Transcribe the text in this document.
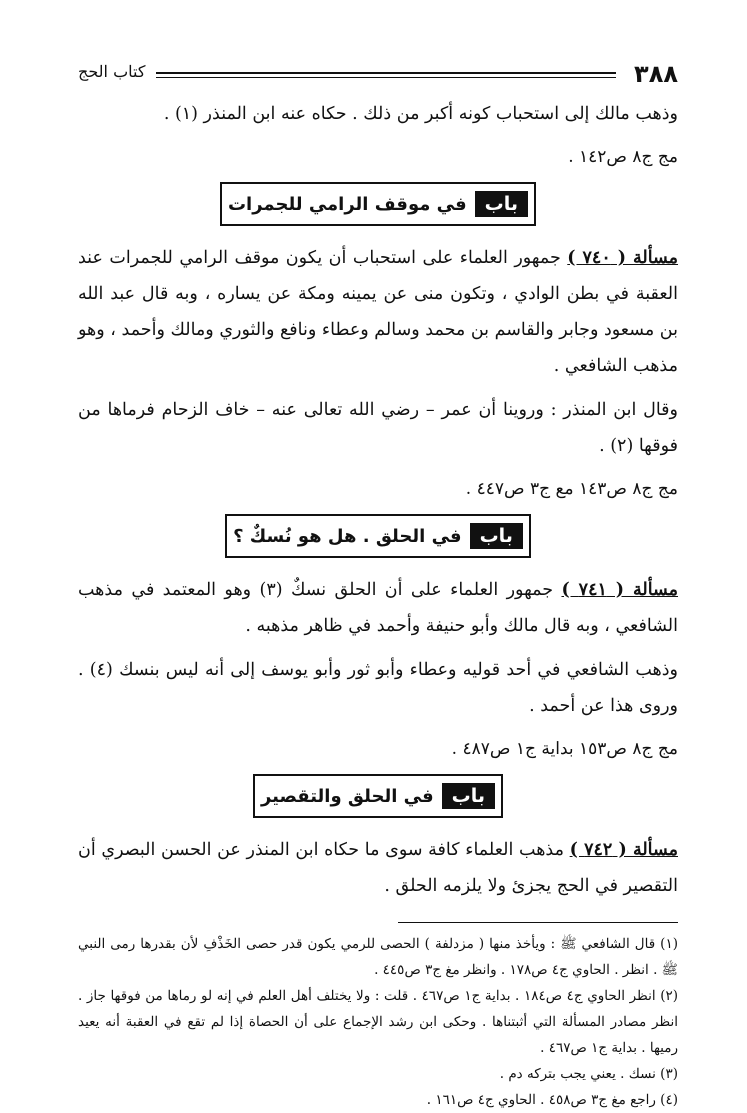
٣٨٨
كتاب الحج

وذهب مالك إلى استحباب كونه أكبر من ذلك . حكاه عنه ابن المنذر (١) .

مج ج٨ ص١٤٢ .

باب
في موقف الرامي للجمرات

مسألة ( ٧٤٠ ) جمهور العلماء على استحباب أن يكون موقف الرامي للجمرات عند العقبة في بطن الوادي ، وتكون منى عن يمينه ومكة عن يساره ، وبه قال عبد الله بن مسعود وجابر والقاسم بن محمد وسالم وعطاء ونافع والثوري ومالك وأحمد ، وهو مذهب الشافعي .

وقال ابن المنذر : وروينا أن عمر – رضي الله تعالى عنه – خاف الزحام فرماها من فوقها (٢) .

مج ج٨ ص١٤٣ مع ج٣ ص٤٤٧ .

باب
في الحلق . هل هو نُسكٌ ؟

مسألة ( ٧٤١ ) جمهور العلماء على أن الحلق نسكٌ (٣) وهو المعتمد في مذهب الشافعي ، وبه قال مالك وأبو حنيفة وأحمد في ظاهر مذهبه .

وذهب الشافعي في أحد قوليه وعطاء وأبو ثور وأبو يوسف إلى أنه ليس بنسك (٤) . وروى هذا عن أحمد .

مج ج٨ ص١٥٣ بداية ج١ ص٤٨٧ .

باب
في الحلق والتقصير

مسألة ( ٧٤٢ ) مذهب العلماء كافة سوى ما حكاه ابن المنذر عن الحسن البصري أن التقصير في الحج يجزئ ولا يلزمه الحلق .

(١) قال الشافعي ﷺ : ويأخذ منها ( مزدلفة ) الحصى للرمي يكون قدر حصى الخَذْفِ لأن بقدرها رمى النبي ﷺ . انظر . الحاوي ج٤ ص١٧٨ . وانظر مغ ج٣ ص٤٤٥ .

(٢) انظر الحاوي ج٤ ص١٨٤ . بداية ج١ ص٤٦٧ . قلت : ولا يختلف أهل العلم في إنه لو رماها من فوقها جاز . انظر مصادر المسألة التي أثبتناها . وحكى ابن رشد الإجماع على أن الحصاة إذا لم تقع في العقبة أنه يعيد رميها . بداية ج١ ص٤٦٧ .

(٣) نسك . يعني يجب بتركه دم .

(٤) راجع مغ ج٣ ص٤٥٨ . الحاوي ج٤ ص١٦١ .
